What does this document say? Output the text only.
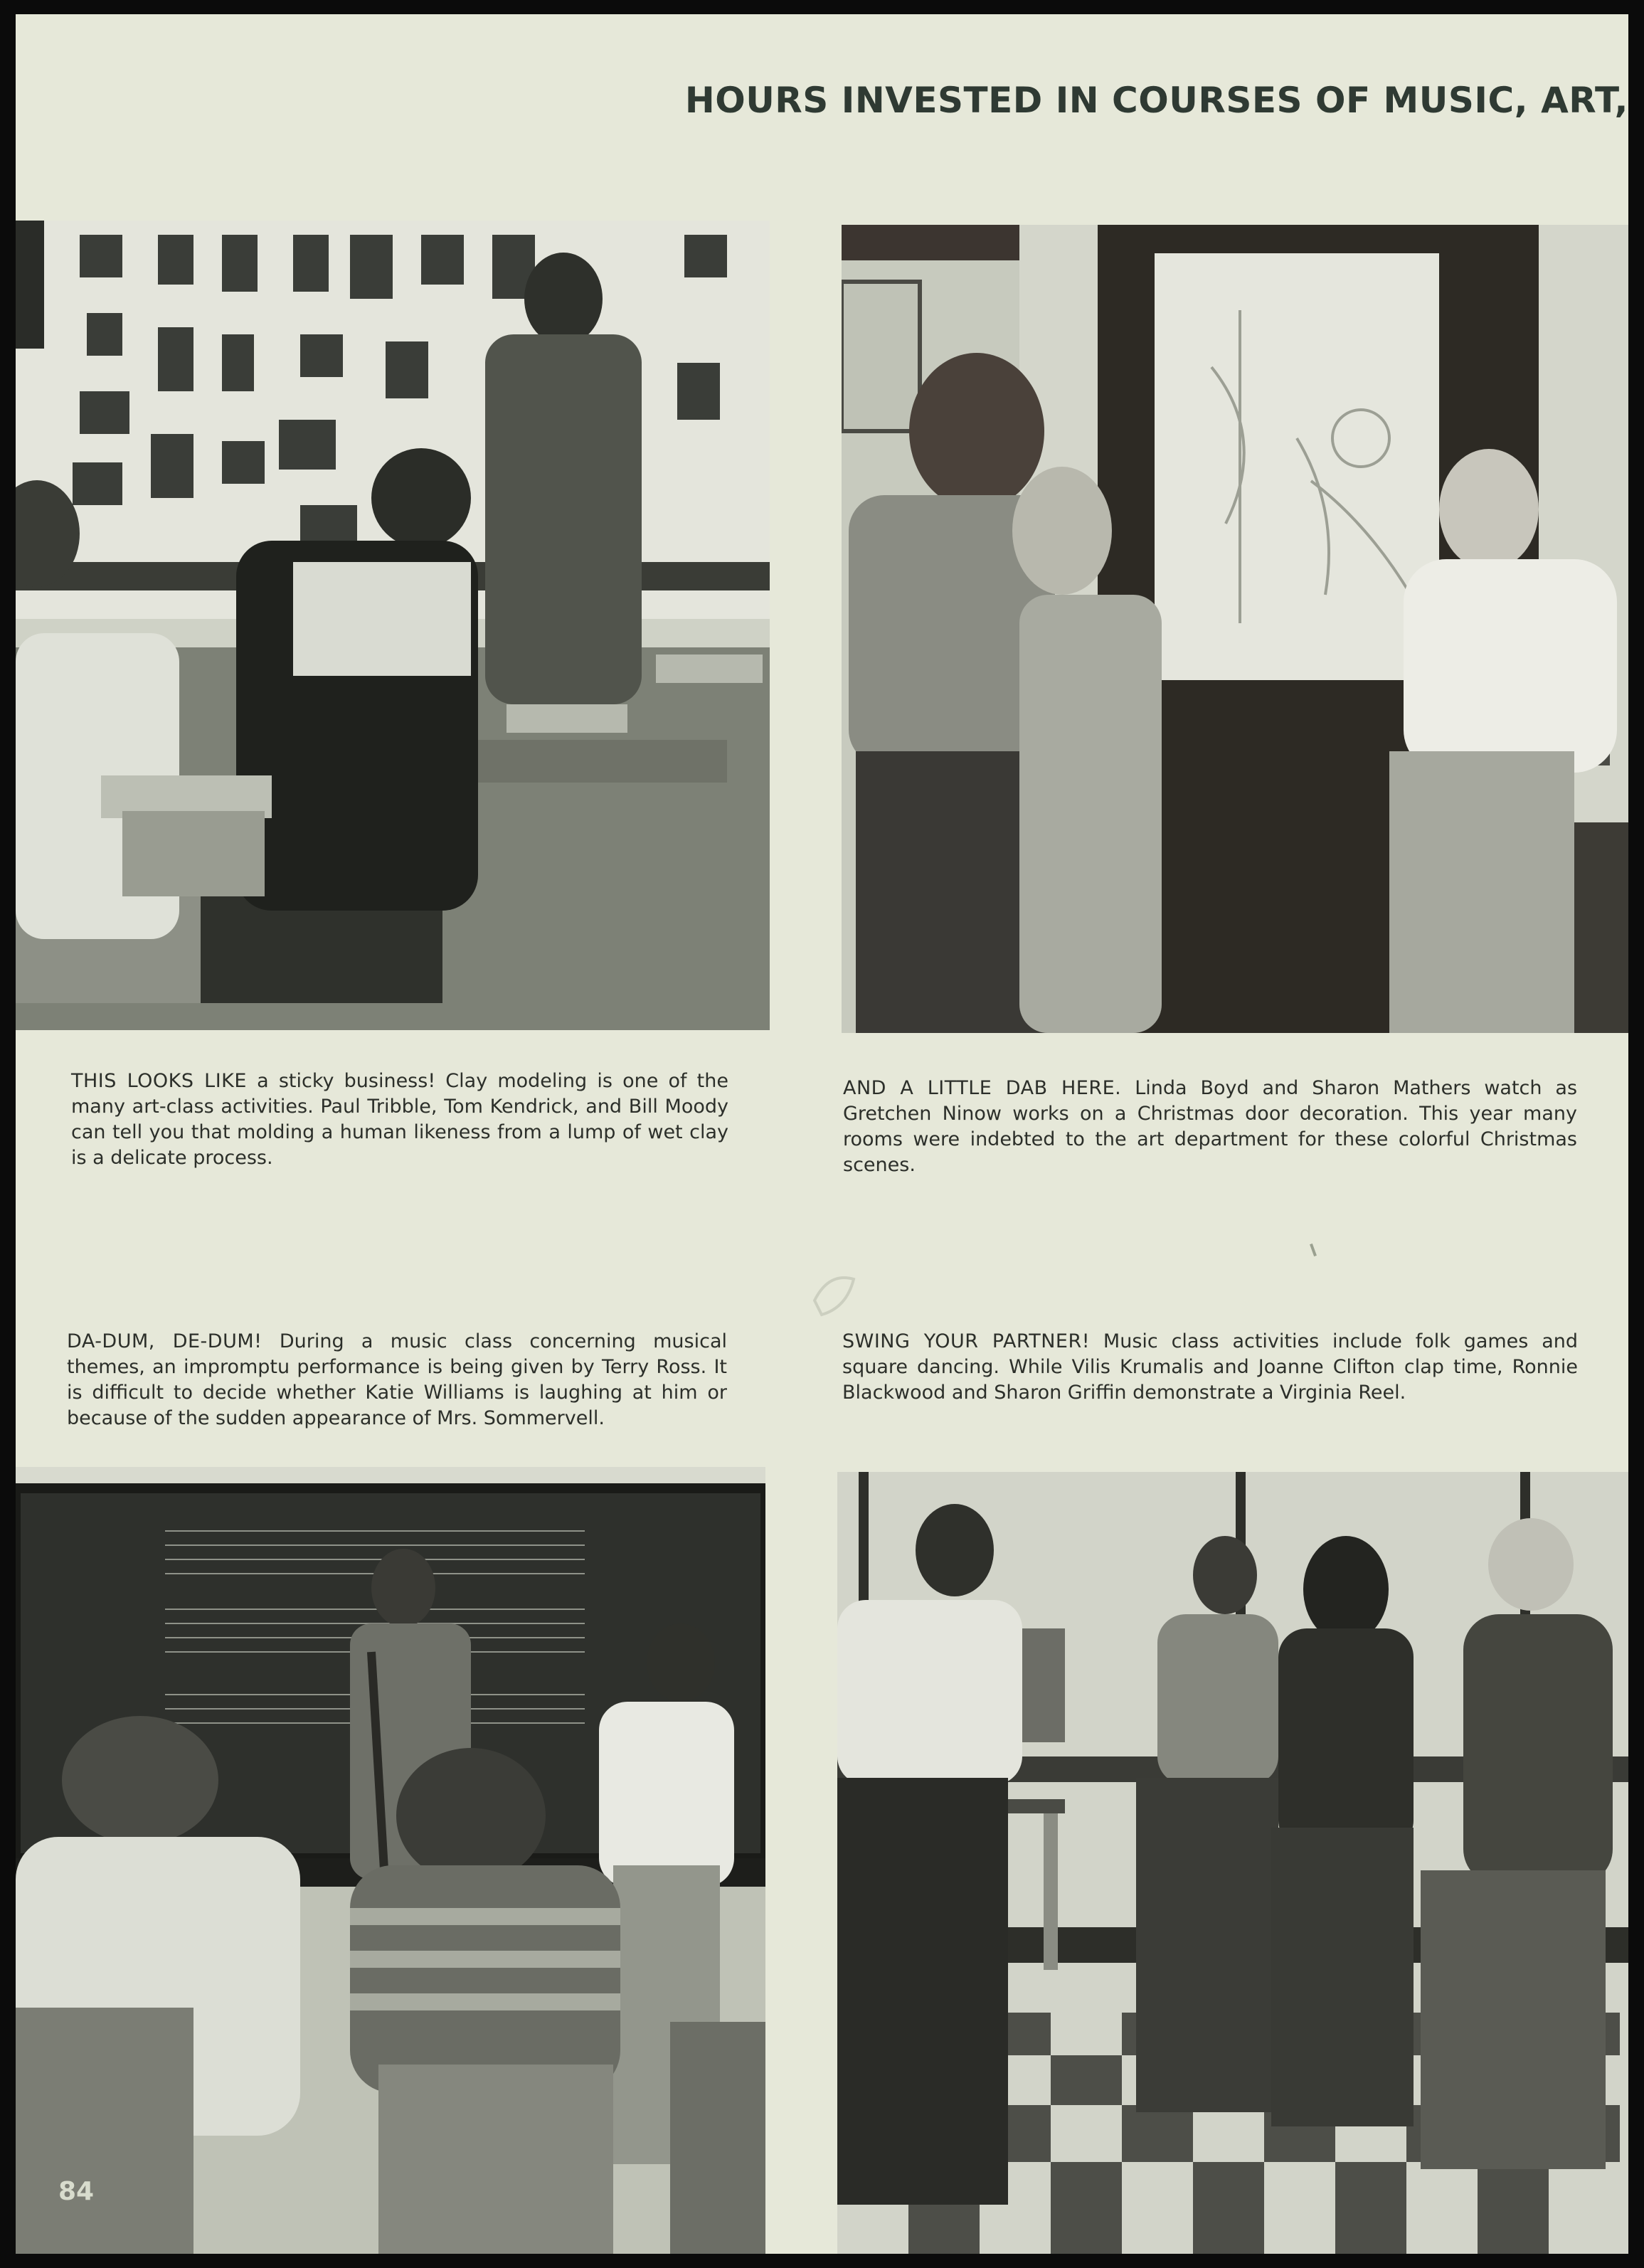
HOURS INVESTED IN COURSES OF MUSIC, ART,
THIS LOOKS LIKE a sticky business! Clay modeling is one of the many art-class activities. Paul Tribble, Tom Kendrick, and Bill Moody can tell you that molding a human likeness from a lump of wet clay is a delicate process.
AND A LITTLE DAB HERE. Linda Boyd and Sharon Mathers watch as Gretchen Ninow works on a Christmas door decoration. This year many rooms were indebted to the art department for these colorful Christmas scenes.
DA-DUM, DE-DUM! During a music class concerning musical themes, an impromptu performance is being given by Terry Ross. It is difficult to decide whether Katie Williams is laughing at him or because of the sudden appearance of Mrs. Sommervell.
SWING YOUR PARTNER! Music class activities include folk games and square dancing. While Vilis Krumalis and Joanne Clifton clap time, Ronnie Blackwood and Sharon Griffin demonstrate a Virginia Reel.
84
